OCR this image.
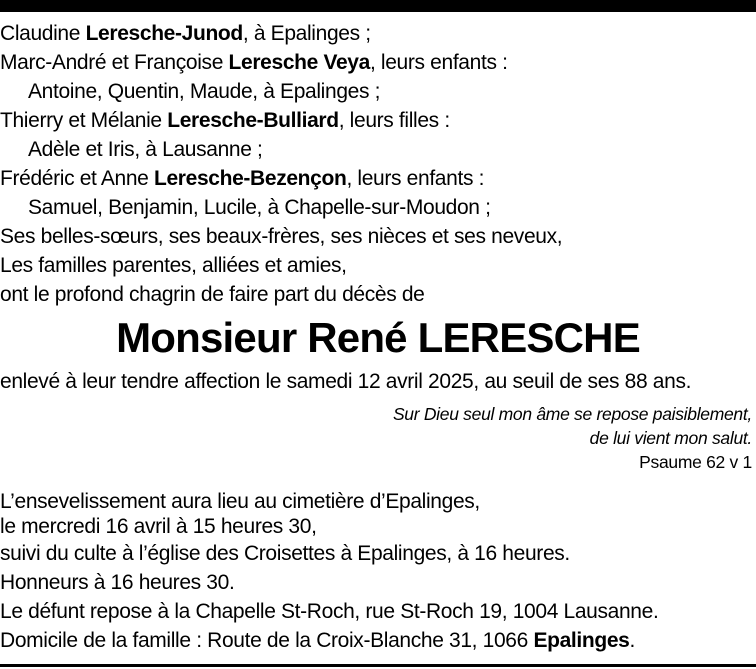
Claudine Leresche-Junod, à Epalinges ;
Marc-André et Françoise Leresche Veya, leurs enfants :
Antoine, Quentin, Maude, à Epalinges ;
Thierry et Mélanie Leresche-Bulliard, leurs filles :
Adèle et Iris, à Lausanne ;
Frédéric et Anne Leresche-Bezençon, leurs enfants :
Samuel, Benjamin, Lucile, à Chapelle-sur-Moudon ;
Ses belles-sœurs, ses beaux-frères, ses nièces et ses neveux,
Les familles parentes, alliées et amies,
ont le profond chagrin de faire part du décès de
Monsieur René LERESCHE
enlevé à leur tendre affection le samedi 12 avril 2025, au seuil de ses 88 ans.
Sur Dieu seul mon âme se repose paisiblement,
de lui vient mon salut.
Psaume 62 v 1
L’ensevelissement aura lieu au cimetière d’Epalinges,
le mercredi 16 avril à 15 heures 30,
suivi du culte à l’église des Croisettes à Epalinges, à 16 heures.
Honneurs à 16 heures 30.
Le défunt repose à la Chapelle St-Roch, rue St-Roch 19, 1004 Lausanne.
Domicile de la famille : Route de la Croix-Blanche 31, 1066 Epalinges.
